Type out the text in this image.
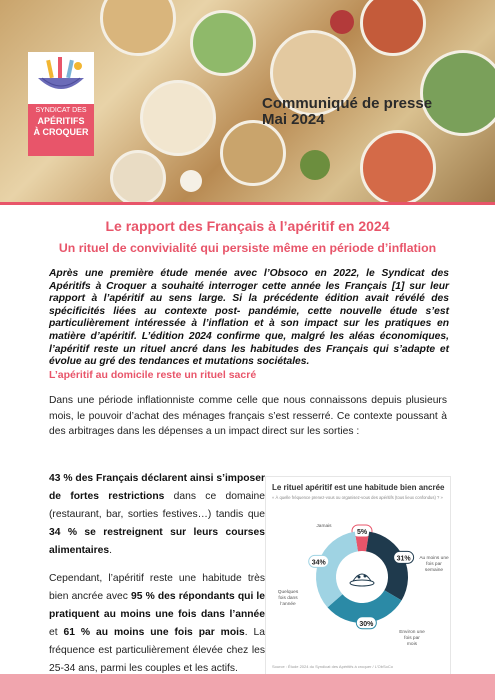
SYNDICAT DES
APÉRITIFS
À CROQUER
Communiqué de presse
Mai 2024
Le rapport des Français à l’apéritif en 2024
Un rituel de convivialité qui persiste même en période d’inflation

Après une première étude menée avec l’Obsoco en 2022, le Syndicat des Apéritifs à Croquer a souhaité interroger cette année les Français [1] sur leur rapport à l’apéritif au sens large. Si la précédente édition avait révélé des spécificités liées au contexte post- pandémie, cette nouvelle étude s’est particulièrement intéressée à l’inflation et à son impact sur les pratiques en matière d’apéritif. L’édition 2024 confirme que, malgré les aléas économiques, l’apéritif reste un rituel ancré dans les habitudes des Français qui s’adapte et évolue au gré des tendances et mutations sociétales.

L’apéritif au domicile reste un rituel sacré

Dans une période inflationniste comme celle que nous connaissons depuis plusieurs mois, le pouvoir d’achat des ménages français s’est resserré. Ce contexte poussant à des arbitrages dans les dépenses a un impact direct sur les sorties :

43 % des Français déclarent ainsi s’imposer de fortes restrictions dans ce domaine (restaurant, bar, sorties festives…) tandis que 34 % se restreignent sur leurs courses alimentaires.

Cependant, l’apéritif reste une habitude très bien ancrée avec 95 % des répondants qui le pratiquent au moins une fois dans l’année et 61 % au moins une fois par mois. La fréquence est particulièrement élevée chez les 25-34 ans, parmi les couples et les actifs.

Le rituel apéritif est une habitude bien ancrée
« À quelle fréquence prenez-vous ou organisez-vous des apéritifs (tous lieux confondus) ? »
5%
Jamais
31% Au moins une fois par semaine
30%
Environ une fois par mois
34%
Quelques fois dans l’année
Source : Étude 2024 du Syndicat des Apéritifs à croquer / L’ObSoCo
